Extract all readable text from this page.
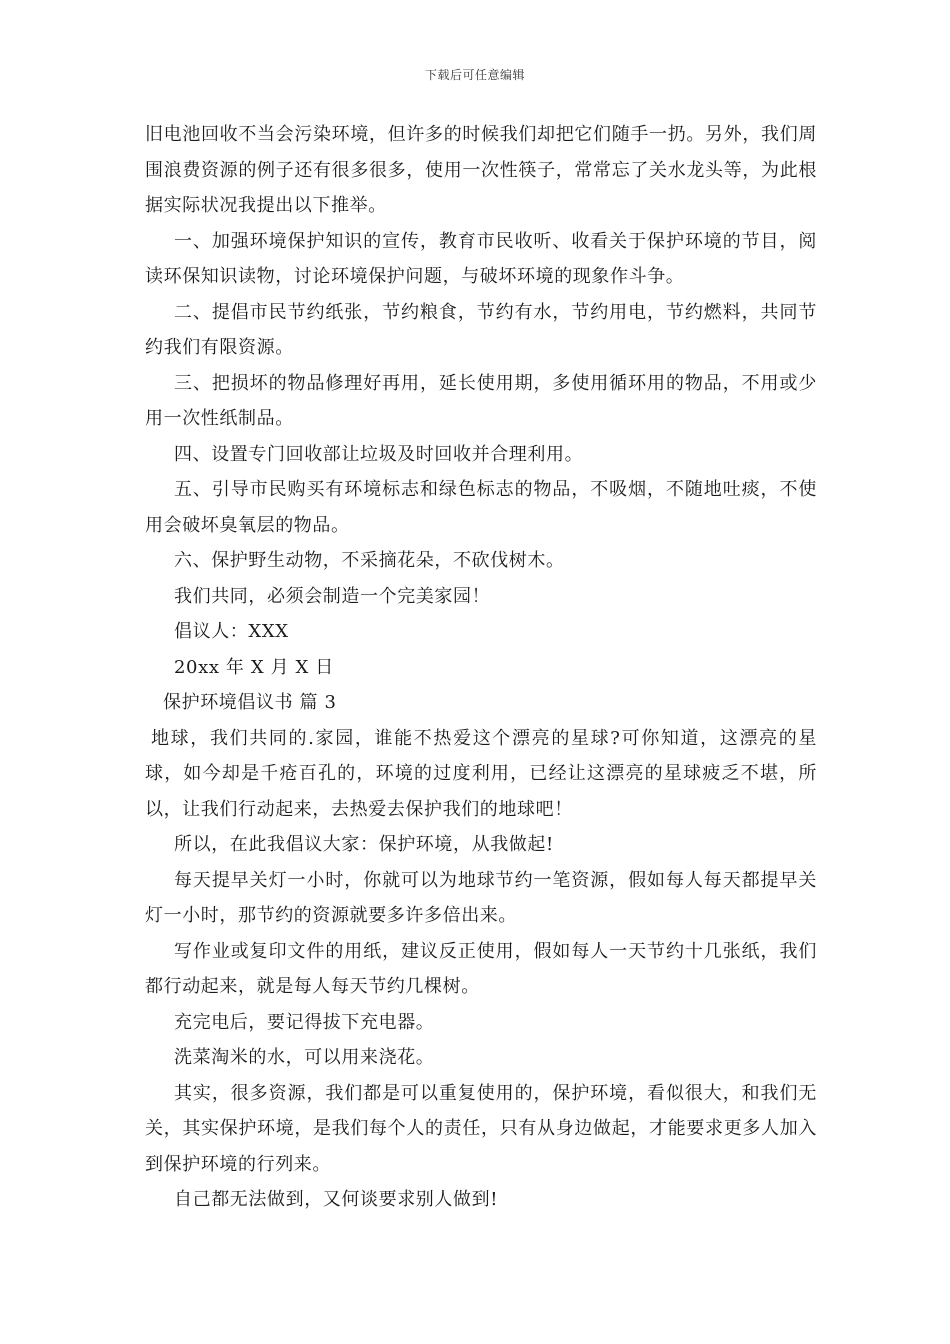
下载后可任意编辑

旧电池回收不当会污染环境，但许多的时候我们却把它们随手一扔。另外，我们周围浪费资源的例子还有很多很多，使用一次性筷子，常常忘了关水龙头等，为此根据实际状况我提出以下推举。

一、加强环境保护知识的宣传，教育市民收听、收看关于保护环境的节目，阅读环保知识读物，讨论环境保护问题，与破坏环境的现象作斗争。

二、提倡市民节约纸张，节约粮食，节约有水，节约用电，节约燃料，共同节约我们有限资源。

三、把损坏的物品修理好再用，延长使用期，多使用循环用的物品，不用或少用一次性纸制品。

四、设置专门回收部让垃圾及时回收并合理利用。

五、引导市民购买有环境标志和绿色标志的物品，不吸烟，不随地吐痰，不使用会破坏臭氧层的物品。

六、保护野生动物，不采摘花朵，不砍伐树木。

我们共同，必须会制造一个完美家园！

倡议人：XXX

20xx 年 X 月 X 日

保护环境倡议书 篇 3

地球，我们共同的.家园，谁能不热爱这个漂亮的星球?可你知道，这漂亮的星球，如今却是千疮百孔的，环境的过度利用，已经让这漂亮的星球疲乏不堪，所以，让我们行动起来，去热爱去保护我们的地球吧！

所以，在此我倡议大家：保护环境，从我做起!

每天提早关灯一小时，你就可以为地球节约一笔资源，假如每人每天都提早关灯一小时，那节约的资源就要多许多倍出来。

写作业或复印文件的用纸，建议反正使用，假如每人一天节约十几张纸，我们都行动起来，就是每人每天节约几棵树。

充完电后，要记得拔下充电器。

洗菜淘米的水，可以用来浇花。

其实，很多资源，我们都是可以重复使用的，保护环境，看似很大，和我们无关，其实保护环境，是我们每个人的责任，只有从身边做起，才能要求更多人加入到保护环境的行列来。

自己都无法做到，又何谈要求别人做到!
